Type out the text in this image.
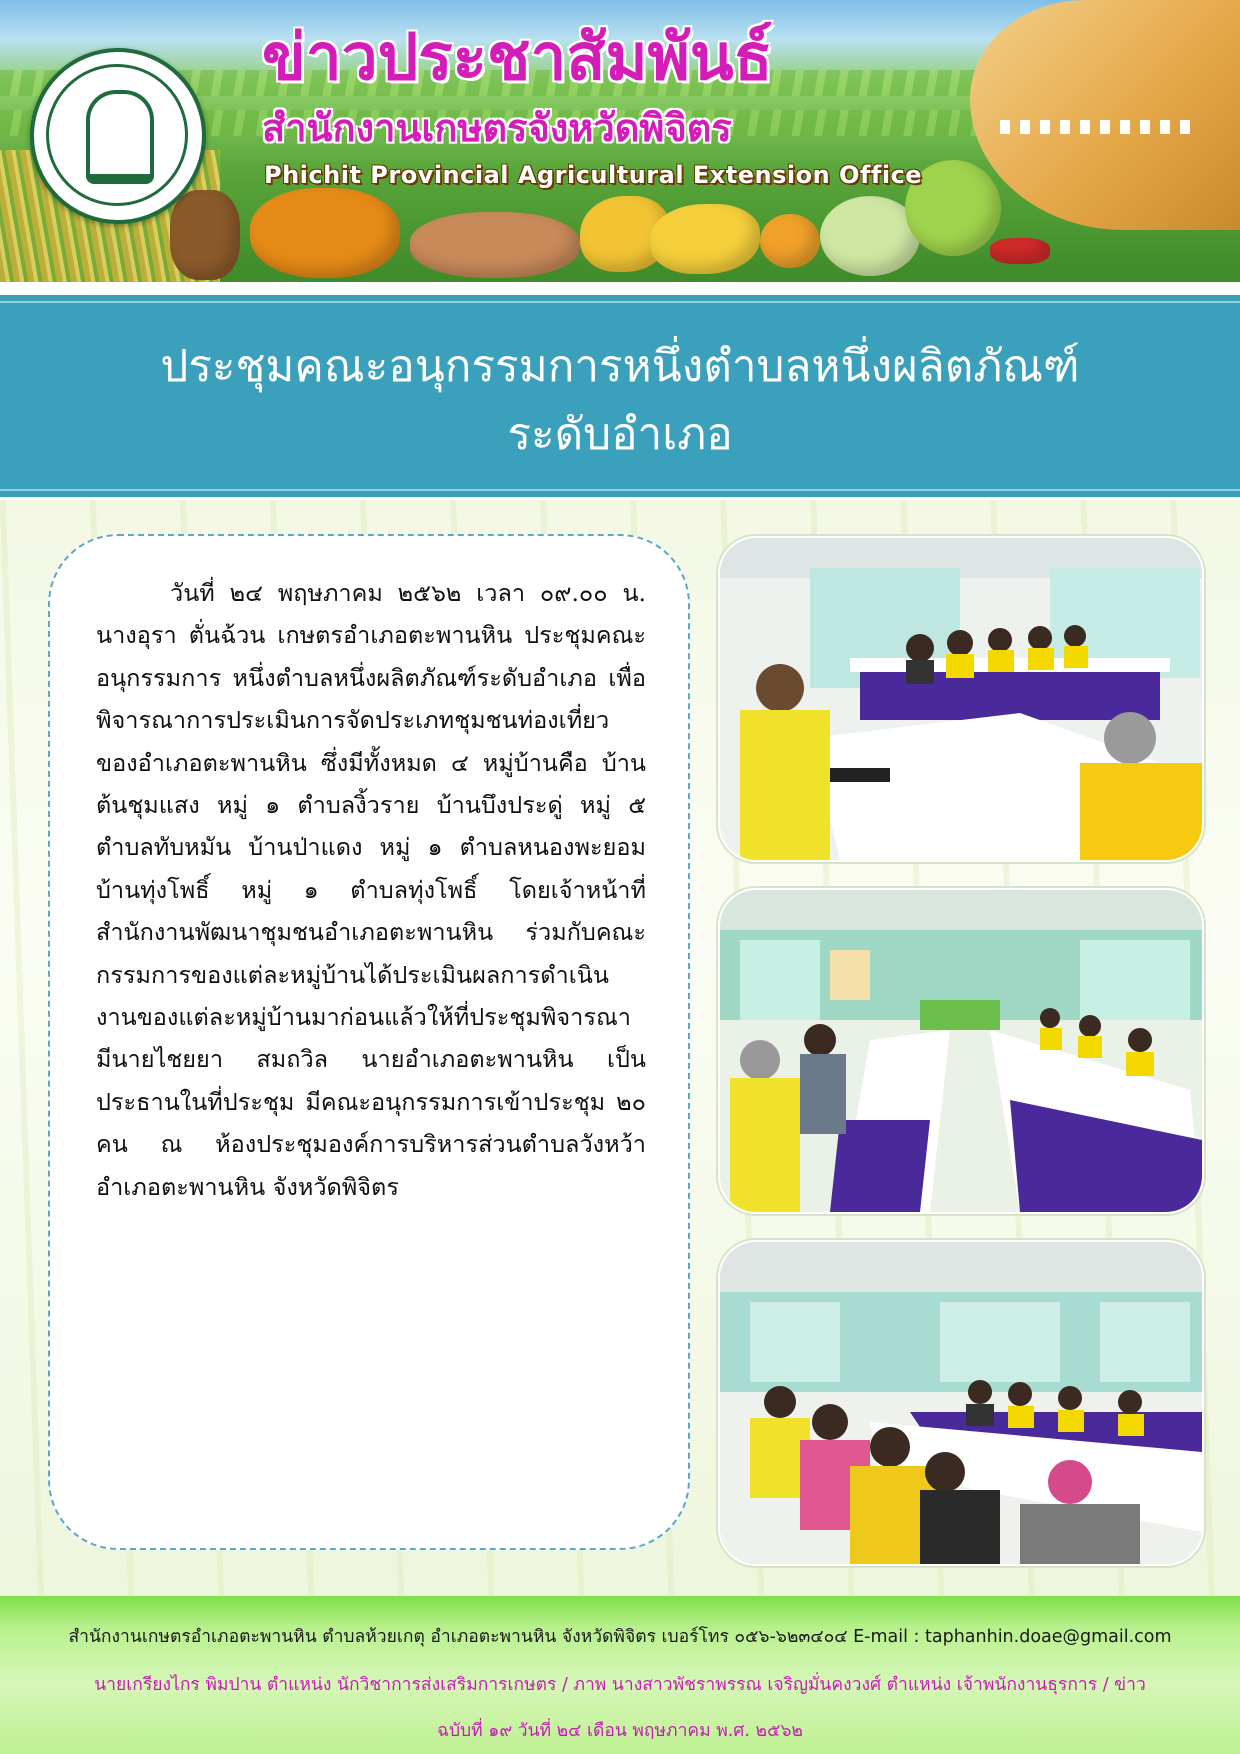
ข่าวประชาสัมพันธ์

สำนักงานเกษตรจังหวัดพิจิตร

Phichit Provincial Agricultural Extension Office

ประชุมคณะอนุกรรมการหนึ่งตำบลหนึ่งผลิตภัณฑ์
ระดับอำเภอ

วันที่ ๒๔ พฤษภาคม ๒๕๖๒ เวลา ๐๙.๐๐ น. นางอุรา ตั่นฉ้วน เกษตรอำเภอตะพานหิน ประชุมคณะอนุกรรมการ หนึ่งตำบลหนึ่งผลิตภัณฑ์ระดับอำเภอ เพื่อพิจารณาการประเมินการจัดประเภทชุมชนท่องเที่ยวของอำเภอตะพานหิน ซึ่งมีทั้งหมด ๔ หมู่บ้านคือ บ้านต้นชุมแสง หมู่ ๑ ตำบลงิ้วราย บ้านบึงประดู่ หมู่ ๕ ตำบลทับหมัน บ้านป่าแดง หมู่ ๑ ตำบลหนองพะยอม บ้านทุ่งโพธิ์ หมู่ ๑ ตำบลทุ่งโพธิ์ โดยเจ้าหน้าที่สำนักงานพัฒนาชุมชนอำเภอตะพานหิน ร่วมกับคณะกรรมการของแต่ละหมู่บ้านได้ประเมินผลการดำเนินงานของแต่ละหมู่บ้านมาก่อนแล้วให้ที่ประชุมพิจารณา มีนายไชยยา สมถวิล นายอำเภอตะพานหิน เป็นประธานในที่ประชุม มีคณะอนุกรรมการเข้าประชุม ๒๐ คน ณ ห้องประชุมองค์การบริหารส่วนตำบลวังหว้า อำเภอตะพานหิน จังหวัดพิจิตร

สำนักงานเกษตรอำเภอตะพานหิน ตำบลห้วยเกตุ อำเภอตะพานหิน จังหวัดพิจิตร เบอร์โทร ๐๕๖-๖๒๓๔๐๔ E-mail : taphanhin.doae@gmail.com

นายเกรียงไกร พิมปาน ตำแหน่ง นักวิชาการส่งเสริมการเกษตร / ภาพ นางสาวพัชราพรรณ เจริญมั่นคงวงศ์ ตำแหน่ง เจ้าพนักงานธุรการ / ข่าว

ฉบับที่ ๑๙ วันที่ ๒๔ เดือน พฤษภาคม พ.ศ. ๒๕๖๒
